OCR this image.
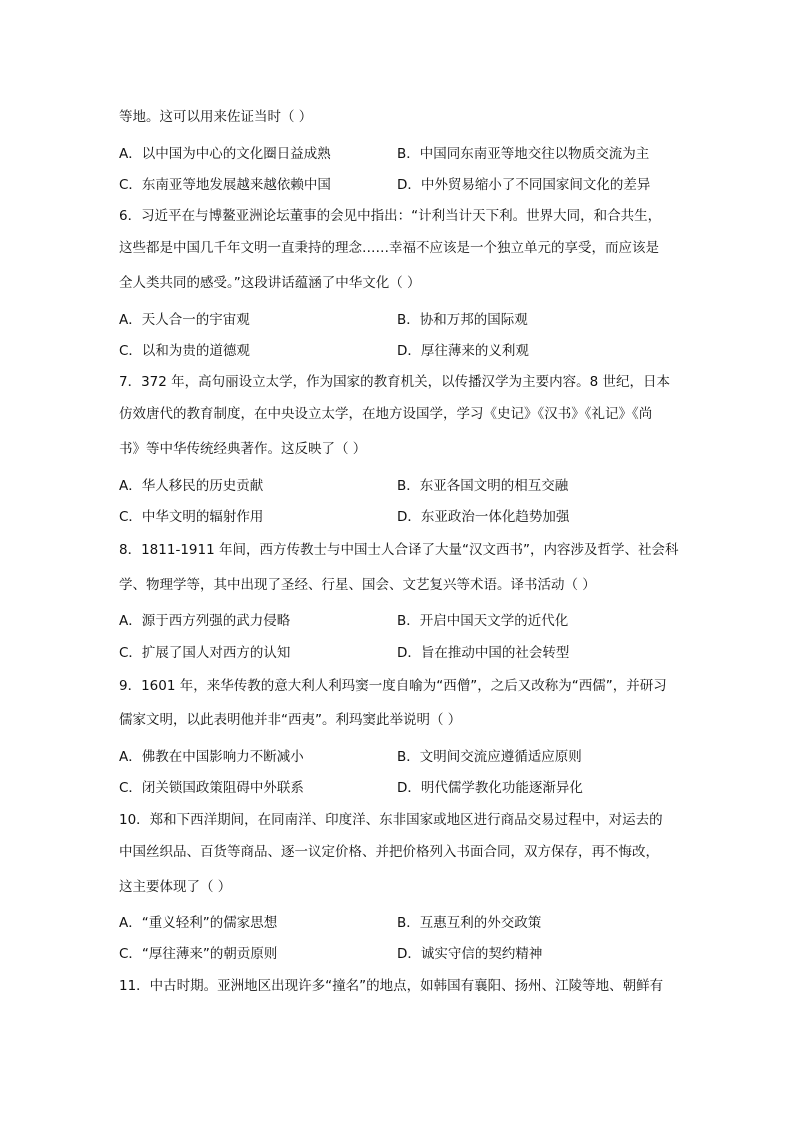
等地。这可以用来佐证当时（ ）
A．以中国为中心的文化圈日益成熟	B．中国同东南亚等地交往以物质交流为主
C．东南亚等地发展越来越依赖中国	D．中外贸易缩小了不同国家间文化的差异
6．习近平在与博鳌亚洲论坛董事的会见中指出：“计利当计天下利。世界大同，和合共生，
这些都是中国几千年文明一直秉持的理念……幸福不应该是一个独立单元的享受，而应该是
全人类共同的感受。”这段讲话蕴涵了中华文化（ ）
A．天人合一的宇宙观	B．协和万邦的国际观
C．以和为贵的道德观	D．厚往薄来的义利观
7．372 年，高句丽设立太学，作为国家的教育机关，以传播汉学为主要内容。8 世纪，日本
仿效唐代的教育制度，在中央设立太学，在地方设国学，学习《史记》《汉书》《礼记》《尚
书》等中华传统经典著作。这反映了（ ）
A．华人移民的历史贡献	B．东亚各国文明的相互交融
C．中华文明的辐射作用	D．东亚政治一体化趋势加强
8．1811-1911 年间，西方传教士与中国士人合译了大量“汉文西书”，内容涉及哲学、社会科
学、物理学等，其中出现了圣经、行星、国会、文艺复兴等术语。译书活动（ ）
A．源于西方列强的武力侵略	B．开启中国天文学的近代化
C．扩展了国人对西方的认知	D．旨在推动中国的社会转型
9．1601 年，来华传教的意大利人利玛窦一度自喻为“西僧”，之后又改称为“西儒”，并研习
儒家文明，以此表明他并非“西夷”。利玛窦此举说明（ ）
A．佛教在中国影响力不断减小	B．文明间交流应遵循适应原则
C．闭关锁国政策阻碍中外联系	D．明代儒学教化功能逐渐异化
10．郑和下西洋期间，在同南洋、印度洋、东非国家或地区进行商品交易过程中，对运去的
中国丝织品、百货等商品、逐一议定价格、并把价格列入书面合同，双方保存，再不悔改，
这主要体现了（ ）
A．“重义轻利”的儒家思想	B．互惠互利的外交政策
C．“厚往薄来”的朝贡原则	D．诚实守信的契约精神
11．中古时期。亚洲地区出现许多“撞名”的地点，如韩国有襄阳、扬州、江陵等地、朝鲜有
